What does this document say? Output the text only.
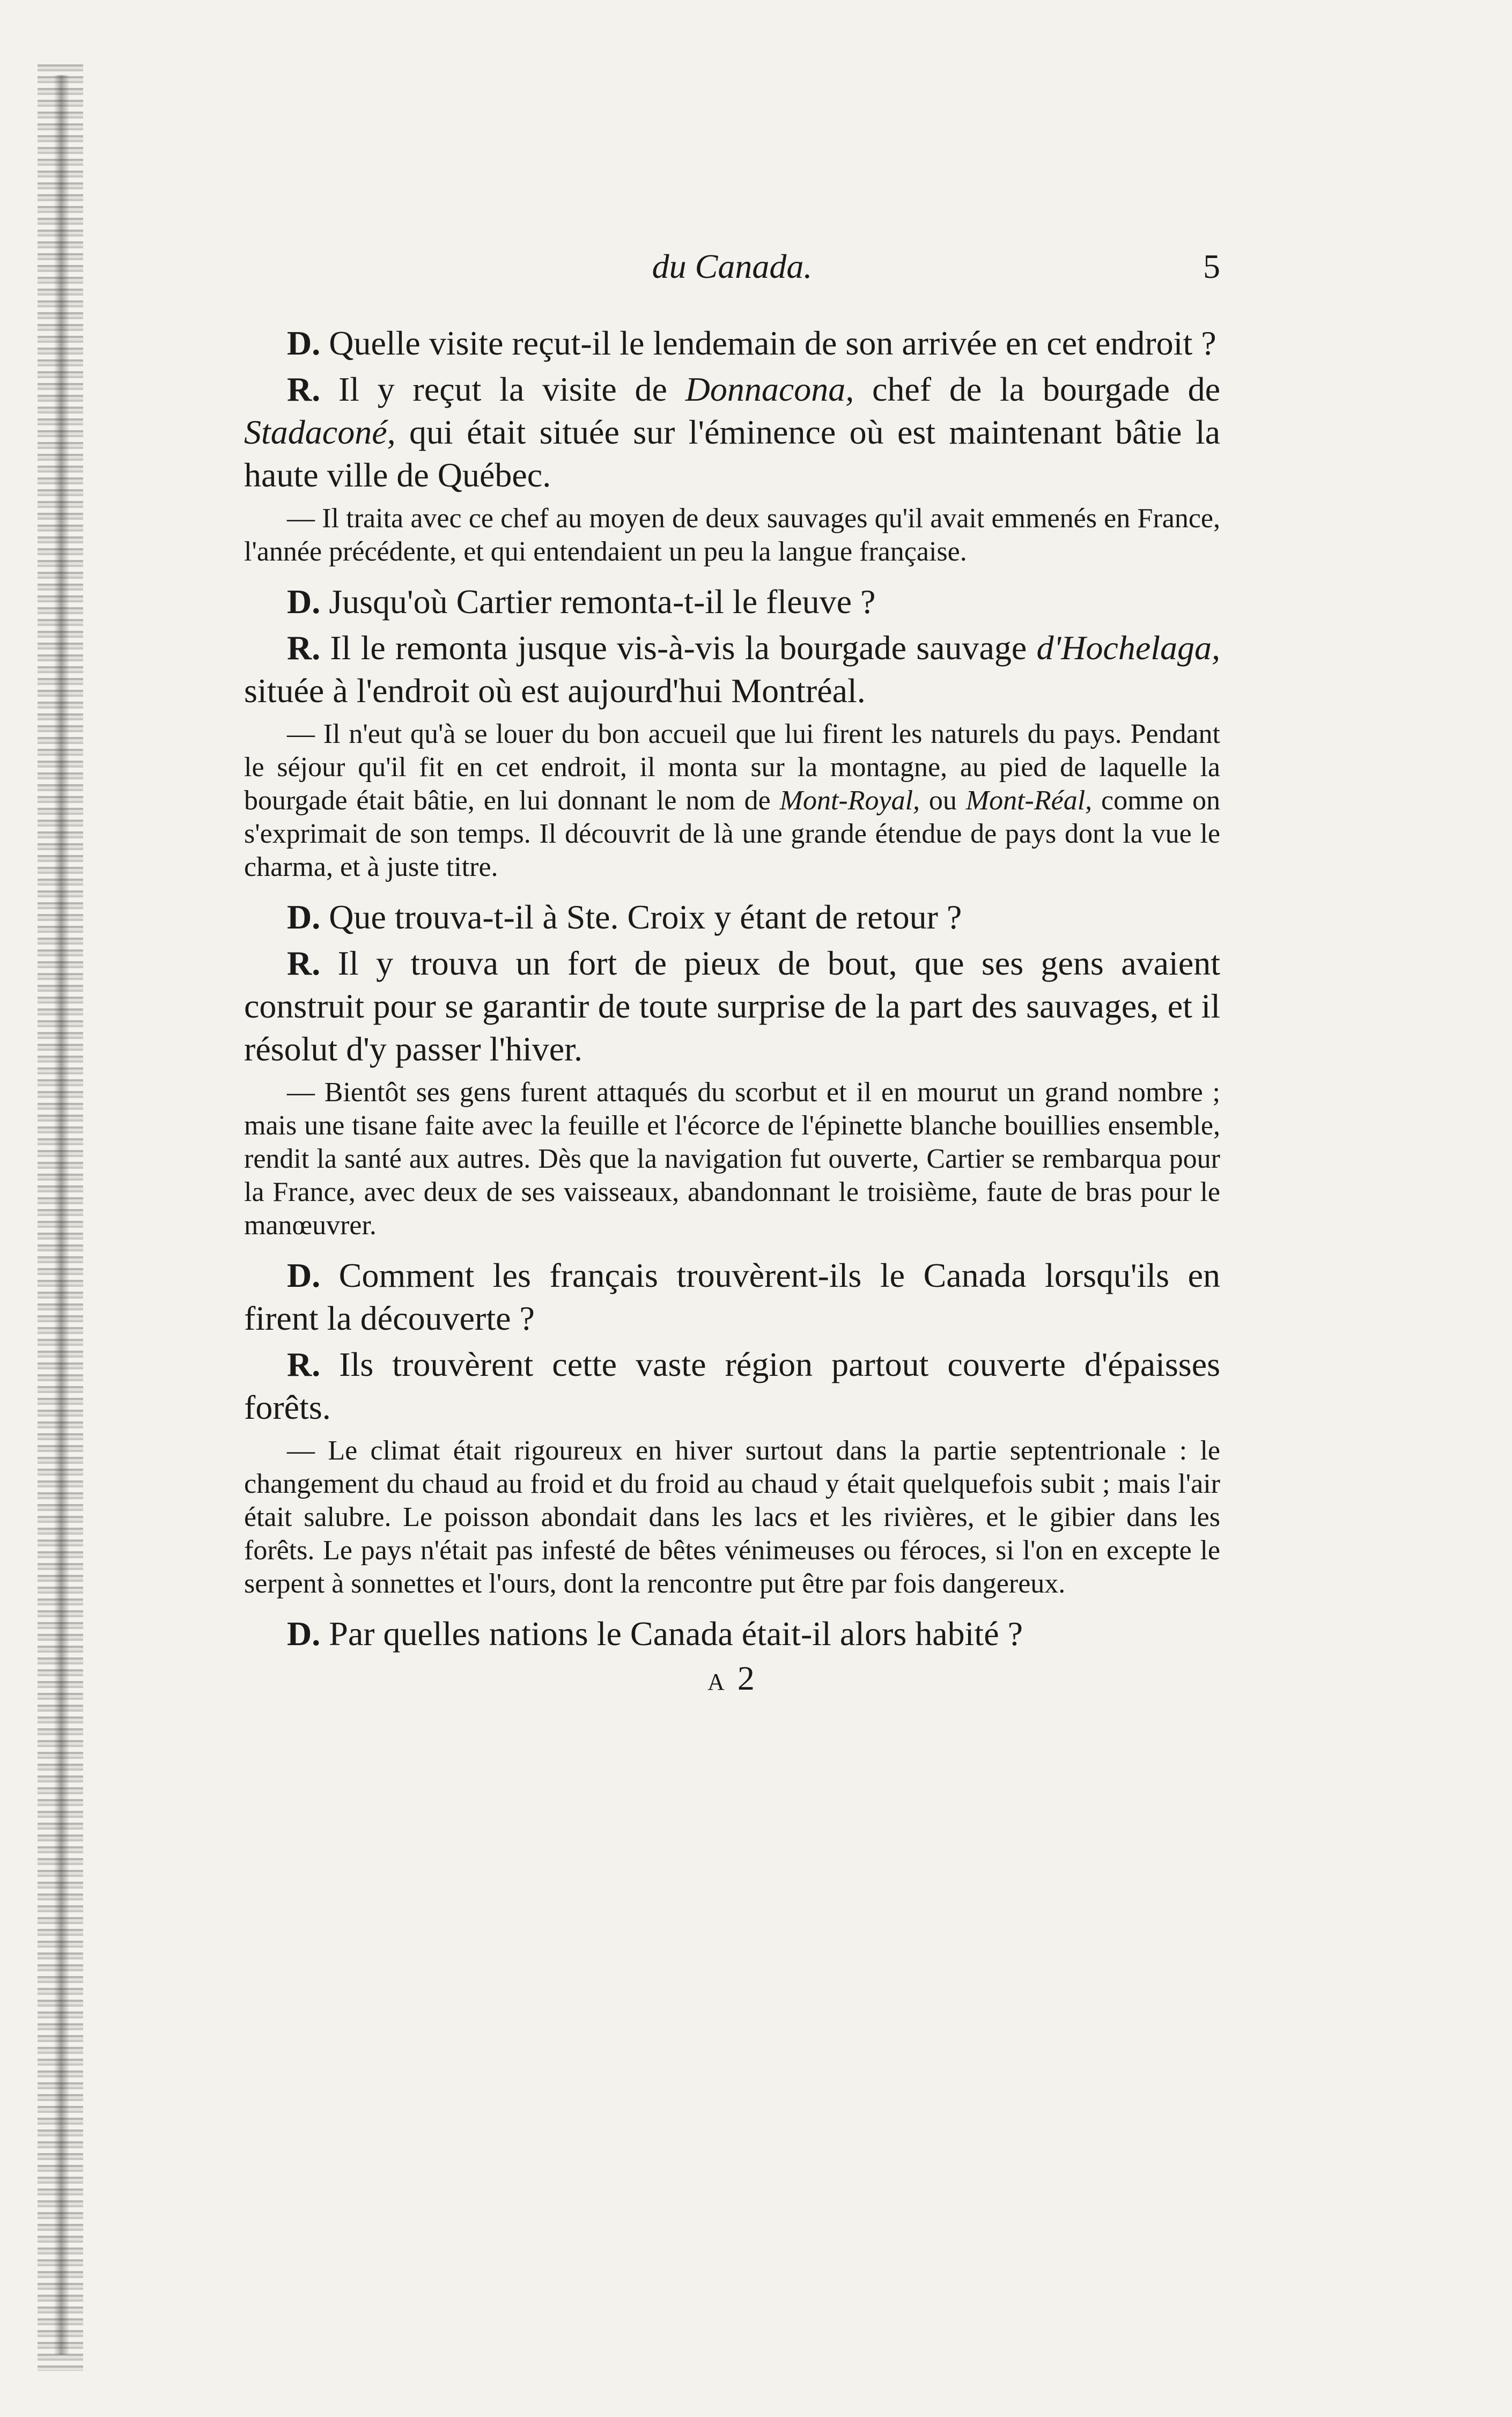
du Canada.	5

D. Quelle visite reçut-il le lendemain de son arrivée en cet endroit ?

R. Il y reçut la visite de Donnacona, chef de la bourgade de Stadaconé, qui était située sur l'éminence où est maintenant bâtie la haute ville de Québec.

— Il traita avec ce chef au moyen de deux sauvages qu'il avait emmenés en France, l'année précédente, et qui entendaient un peu la langue française.

D. Jusqu'où Cartier remonta-t-il le fleuve ?

R. Il le remonta jusque vis-à-vis la bourgade sauvage d'Hochelaga, située à l'endroit où est aujourd'hui Montréal.

— Il n'eut qu'à se louer du bon accueil que lui firent les naturels du pays. Pendant le séjour qu'il fit en cet endroit, il monta sur la montagne, au pied de laquelle la bourgade était bâtie, en lui donnant le nom de Mont-Royal, ou Mont-Réal, comme on s'exprimait de son temps. Il découvrit de là une grande étendue de pays dont la vue le charma, et à juste titre.

D. Que trouva-t-il à Ste. Croix y étant de retour ?

R. Il y trouva un fort de pieux de bout, que ses gens avaient construit pour se garantir de toute surprise de la part des sauvages, et il résolut d'y passer l'hiver.

— Bientôt ses gens furent attaqués du scorbut et il en mourut un grand nombre ; mais une tisane faite avec la feuille et l'écorce de l'épinette blanche bouillies ensemble, rendit la santé aux autres. Dès que la navigation fut ouverte, Cartier se rembarqua pour la France, avec deux de ses vaisseaux, abandonnant le troisième, faute de bras pour le manœuvrer.

D. Comment les français trouvèrent-ils le Canada lorsqu'ils en firent la découverte ?

R. Ils trouvèrent cette vaste région partout couverte d'épaisses forêts.

— Le climat était rigoureux en hiver surtout dans la partie septentrionale : le changement du chaud au froid et du froid au chaud y était quelquefois subit ; mais l'air était salubre. Le poisson abondait dans les lacs et les rivières, et le gibier dans les forêts. Le pays n'était pas infesté de bêtes vénimeuses ou féroces, si l'on en excepte le serpent à sonnettes et l'ours, dont la rencontre put être par fois dangereux.

D. Par quelles nations le Canada était-il alors habité ?

A 2
